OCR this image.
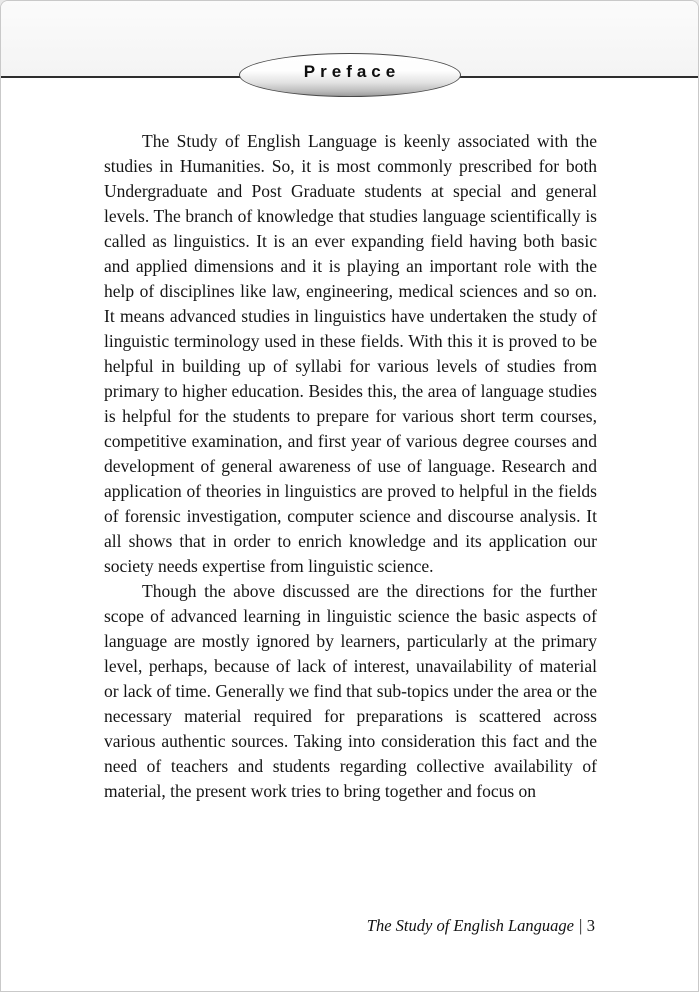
Preface

The Study of English Language is keenly associated with the studies in Humanities. So, it is most commonly prescribed for both Undergraduate and Post Graduate students at special and general levels. The branch of knowledge that studies language scientifically is called as linguistics. It is an ever expanding field having both basic and applied dimensions and it is playing an important role with the help of disciplines like law, engineering, medical sciences and so on. It means advanced studies in linguistics have undertaken the study of linguistic terminology used in these fields. With this it is proved to be helpful in building up of syllabi for various levels of studies from primary to higher education. Besides this, the area of language studies is helpful for the students to prepare for various short term courses, competitive examination, and first year of various degree courses and development of general awareness of use of language. Research and application of theories in linguistics are proved to helpful in the fields of forensic investigation, computer science and discourse analysis. It all shows that in order to enrich knowledge and its application our society needs expertise from linguistic science.

Though the above discussed are the directions for the further scope of advanced learning in linguistic science the basic aspects of language are mostly ignored by learners, particularly at the primary level, perhaps, because of lack of interest, unavailability of material or lack of time. Generally we find that sub-topics under the area or the necessary material required for preparations is scattered across various authentic sources. Taking into consideration this fact and the need of teachers and students regarding collective availability of material, the present work tries to bring together and focus on

The Study of English Language | 3
